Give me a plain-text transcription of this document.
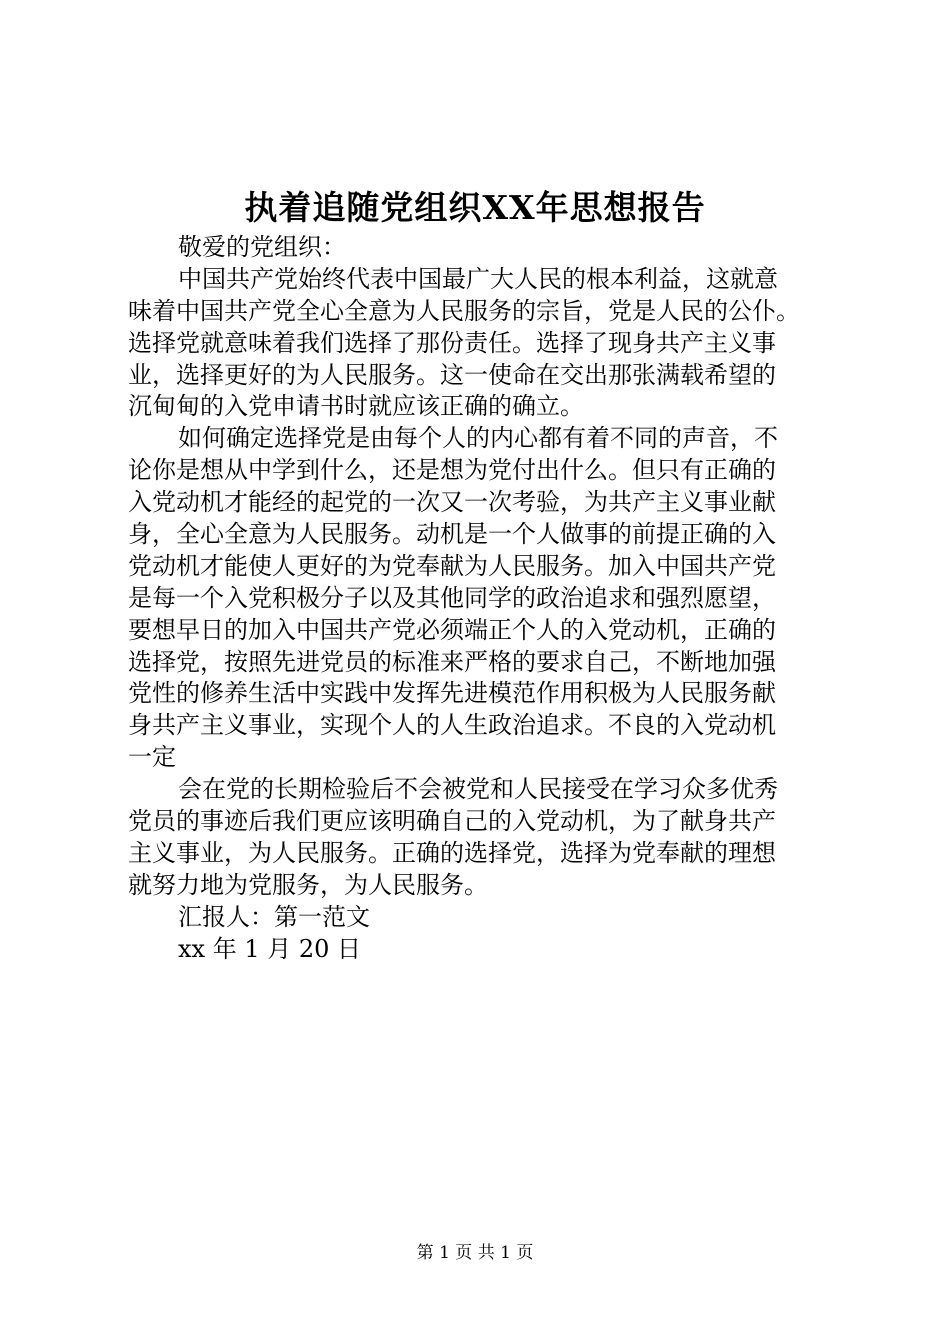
执着追随党组织XX年思想报告
敬爱的党组织：
中国共产党始终代表中国最广大人民的根本利益，这就意
味着中国共产党全心全意为人民服务的宗旨，党是人民的公仆。
选择党就意味着我们选择了那份责任。选择了现身共产主义事
业，选择更好的为人民服务。这一使命在交出那张满载希望的
沉甸甸的入党申请书时就应该正确的确立。
如何确定选择党是由每个人的内心都有着不同的声音，不
论你是想从中学到什么，还是想为党付出什么。但只有正确的
入党动机才能经的起党的一次又一次考验，为共产主义事业献
身，全心全意为人民服务。动机是一个人做事的前提正确的入
党动机才能使人更好的为党奉献为人民服务。加入中国共产党
是每一个入党积极分子以及其他同学的政治追求和强烈愿望，
要想早日的加入中国共产党必须端正个人的入党动机，正确的
选择党，按照先进党员的标准来严格的要求自己，不断地加强
党性的修养生活中实践中发挥先进模范作用积极为人民服务献
身共产主义事业，实现个人的人生政治追求。不良的入党动机
一定
会在党的长期检验后不会被党和人民接受在学习众多优秀
党员的事迹后我们更应该明确自己的入党动机，为了献身共产
主义事业，为人民服务。正确的选择党，选择为党奉献的理想
就努力地为党服务，为人民服务。
汇报人：第一范文
xx 年 1 月 20 日
第 1 页 共 1 页
